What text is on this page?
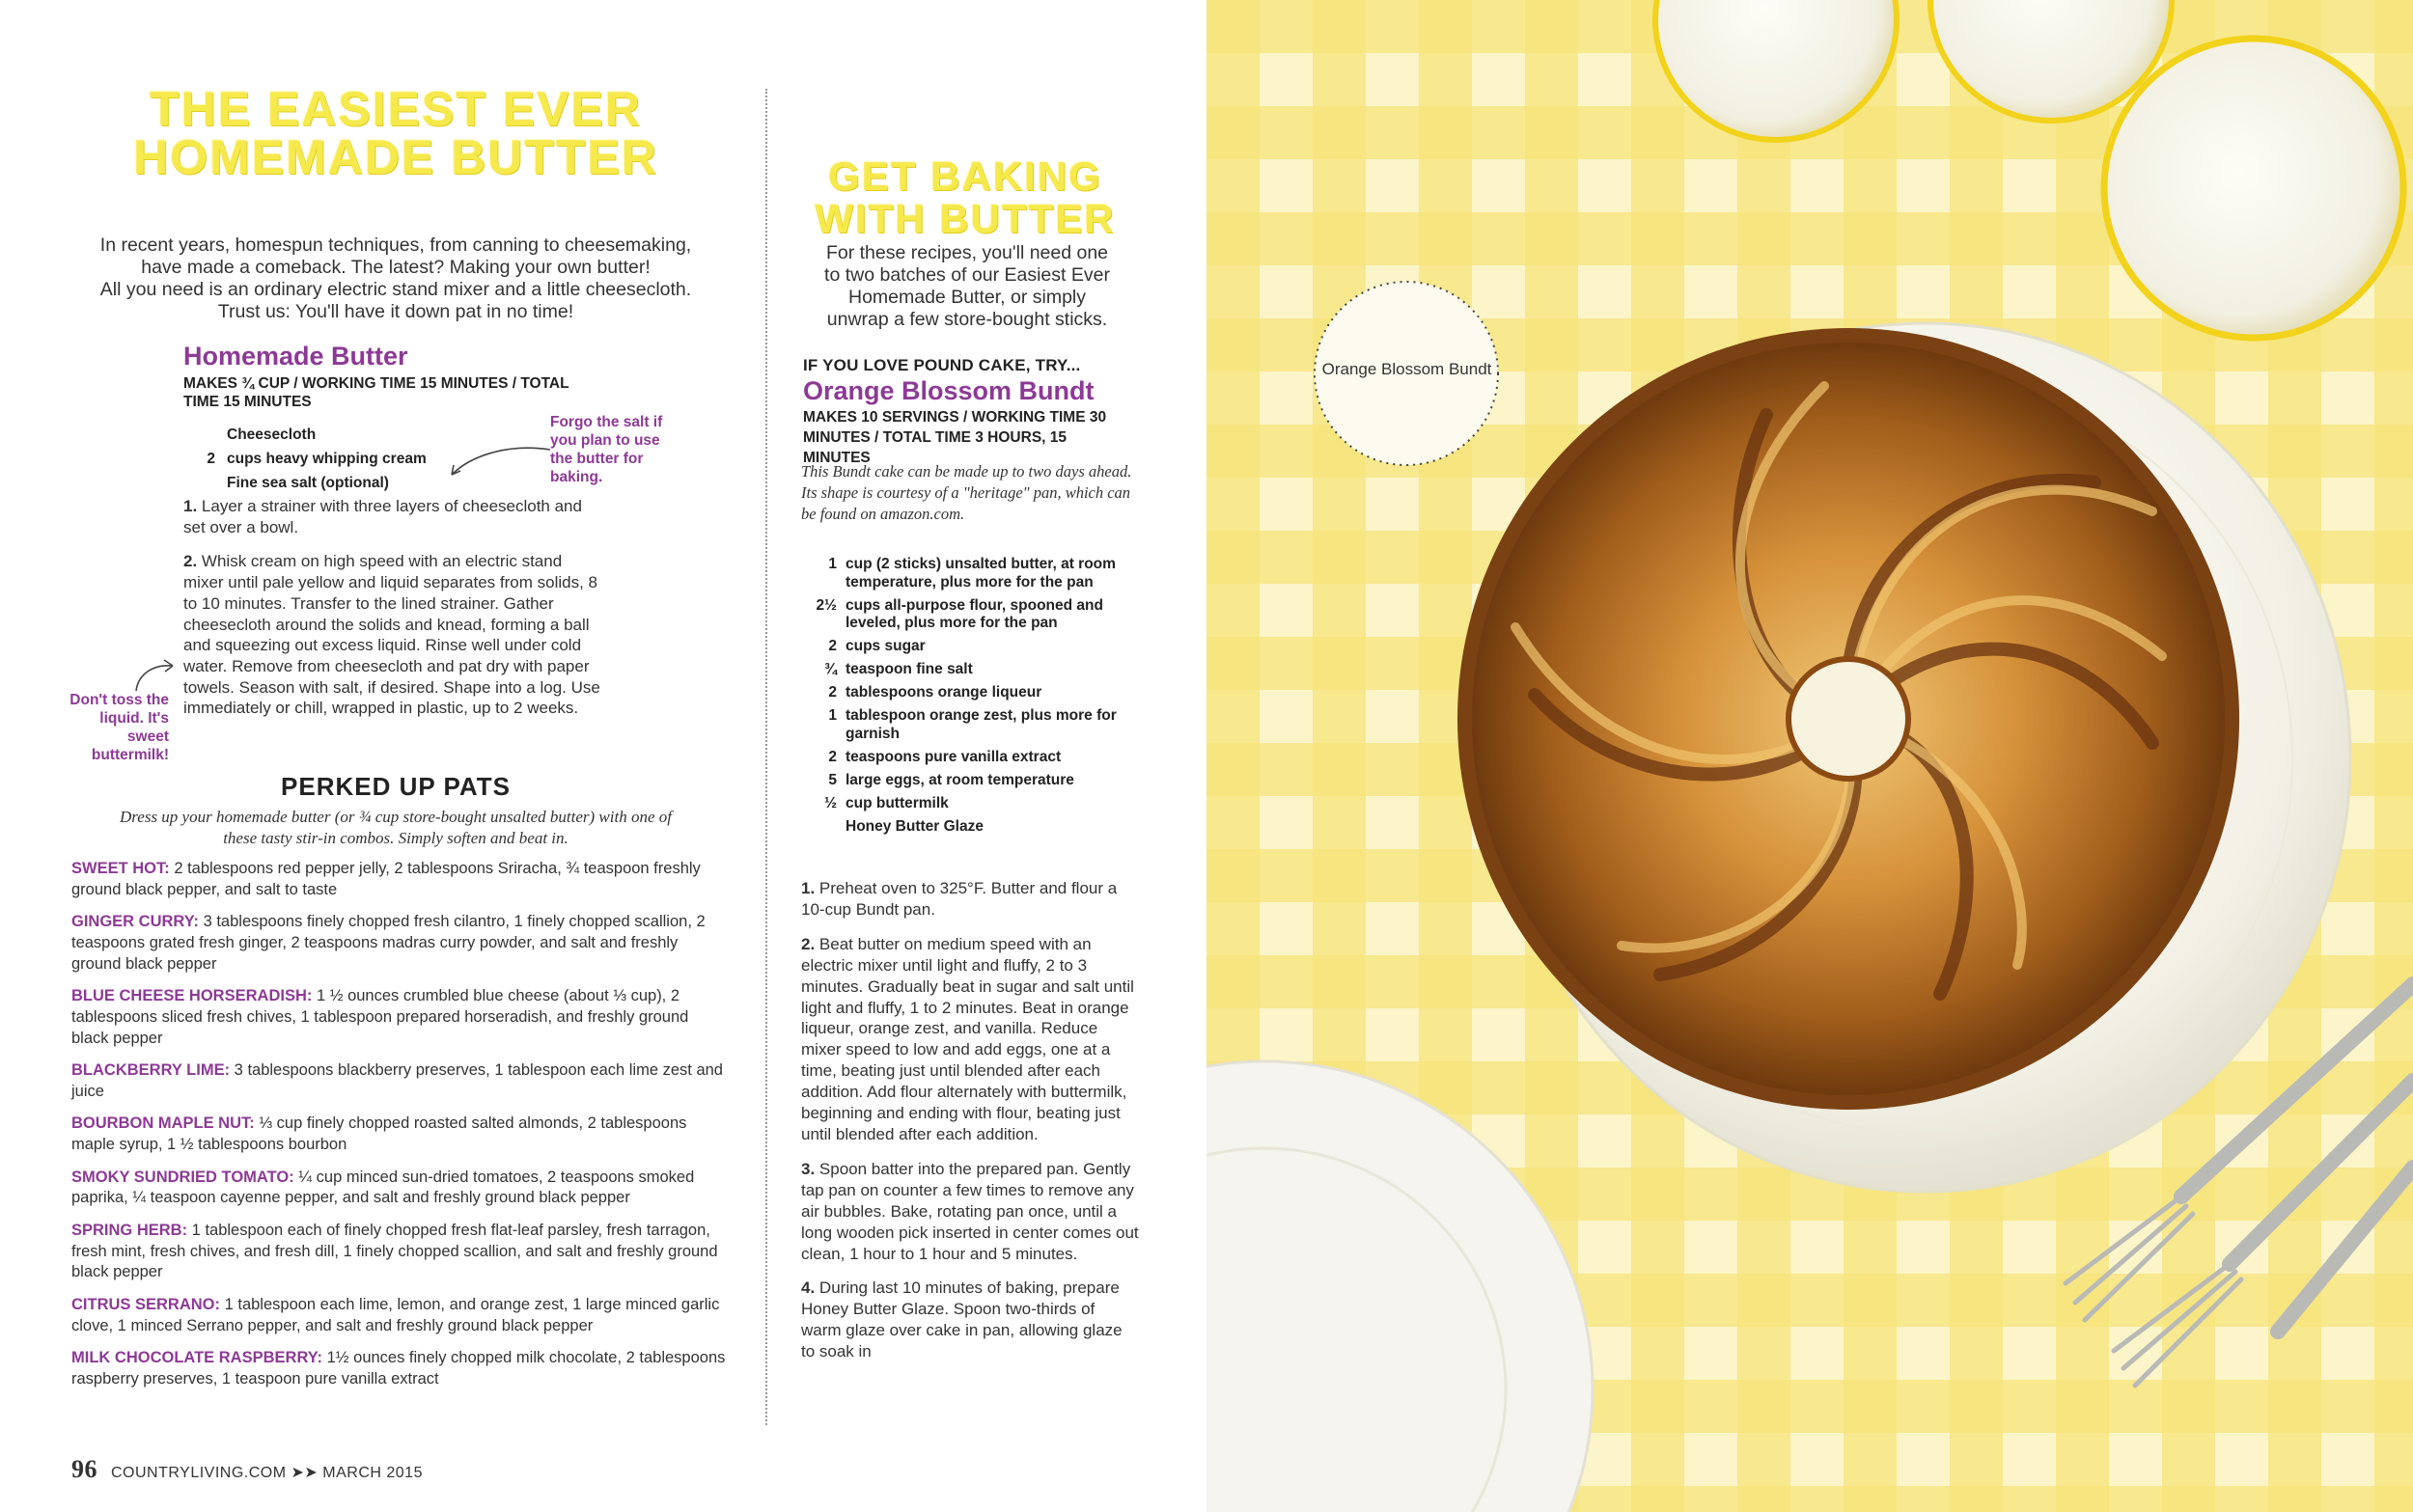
THE EASIEST EVER HOMEMADE BUTTER

In recent years, homespun techniques, from canning to cheesemaking,

have made a comeback. The latest? Making your own butter!

All you need is an ordinary electric stand mixer and a little cheesecloth.

Trust us: You'll have it down pat in no time!

Homemade Butter
MAKES ¾ CUP / WORKING TIME 15 MINUTES / TOTAL TIME 15 MINUTES
Cheesecloth
2 cups heavy whipping cream
Fine sea salt (optional)
Forgo the salt if you plan to use the butter for baking.

1. Layer a strainer with three layers of cheesecloth and set over a bowl.

2. Whisk cream on high speed with an electric stand mixer until pale yellow and liquid separates from solids, 8 to 10 minutes. Transfer to the lined strainer. Gather cheesecloth around the solids and knead, forming a ball and squeezing out excess liquid. Rinse well under cold water. Remove from cheesecloth and pat dry with paper towels. Season with salt, if desired. Shape into a log. Use immediately or chill, wrapped in plastic, up to 2 weeks.

Don't toss the liquid. It's sweet buttermilk!
PERKED UP PATS
Dress up your homemade butter (or ¾ cup store-bought unsalted butter) with one of these tasty stir-in combos. Simply soften and beat in.

SWEET HOT: 2 tablespoons red pepper jelly, 2 tablespoons Sriracha, ¾ teaspoon freshly ground black pepper, and salt to taste

GINGER CURRY: 3 tablespoons finely chopped fresh cilantro, 1 finely chopped scallion, 2 teaspoons grated fresh ginger, 2 teaspoons madras curry powder, and salt and freshly ground black pepper

BLUE CHEESE HORSERADISH: 1 ½ ounces crumbled blue cheese (about ⅓ cup), 2 tablespoons sliced fresh chives, 1 tablespoon prepared horseradish, and freshly ground black pepper

BLACKBERRY LIME: 3 tablespoons blackberry preserves, 1 tablespoon each lime zest and juice

BOURBON MAPLE NUT: ⅓ cup finely chopped roasted salted almonds, 2 tablespoons maple syrup, 1 ½ tablespoons bourbon

SMOKY SUNDRIED TOMATO: ¼ cup minced sun-dried tomatoes, 2 teaspoons smoked paprika, ¼ teaspoon cayenne pepper, and salt and freshly ground black pepper

SPRING HERB: 1 tablespoon each of finely chopped fresh flat-leaf parsley, fresh tarragon, fresh mint, fresh chives, and fresh dill, 1 finely chopped scallion, and salt and freshly ground black pepper

CITRUS SERRANO: 1 tablespoon each lime, lemon, and orange zest, 1 large minced garlic clove, 1 minced Serrano pepper, and salt and freshly ground black pepper

MILK CHOCOLATE RASPBERRY: 1½ ounces finely chopped milk chocolate, 2 tablespoons raspberry preserves, 1 teaspoon pure vanilla extract

96 COUNTRYLIVING.COM ➤➤ MARCH 2015
GET BAKING WITH BUTTER

For these recipes, you'll need one

to two batches of our Easiest Ever

Homemade Butter, or simply

unwrap a few store-bought sticks.

IF YOU LOVE POUND CAKE, TRY...
Orange Blossom Bundt
MAKES 10 SERVINGS / WORKING TIME 30 MINUTES / TOTAL TIME 3 HOURS, 15 MINUTES
This Bundt cake can be made up to two days ahead. Its shape is courtesy of a "heritage" pan, which can be found on amazon.com.
1 cup (2 sticks) unsalted butter, at room temperature, plus more for the pan
2½ cups all-purpose flour, spooned and leveled, plus more for the pan
2 cups sugar
¾ teaspoon fine salt
2 tablespoons orange liqueur
1 tablespoon orange zest, plus more for garnish
2 teaspoons pure vanilla extract
5 large eggs, at room temperature
½ cup buttermilk
Honey Butter Glaze

1. Preheat oven to 325°F. Butter and flour a 10-cup Bundt pan.

2. Beat butter on medium speed with an electric mixer until light and fluffy, 2 to 3 minutes. Gradually beat in sugar and salt until light and fluffy, 1 to 2 minutes. Beat in orange liqueur, orange zest, and vanilla. Reduce mixer speed to low and add eggs, one at a time, beating just until blended after each addition. Add flour alternately with buttermilk, beginning and ending with flour, beating just until blended after each addition.

3. Spoon batter into the prepared pan. Gently tap pan on counter a few times to remove any air bubbles. Bake, rotating pan once, until a long wooden pick inserted in center comes out clean, 1 hour to 1 hour and 5 minutes.

4. During last 10 minutes of baking, prepare Honey Butter Glaze. Spoon two-thirds of warm glaze over cake in pan, allowing glaze to soak in

Orange Blossom Bundt
